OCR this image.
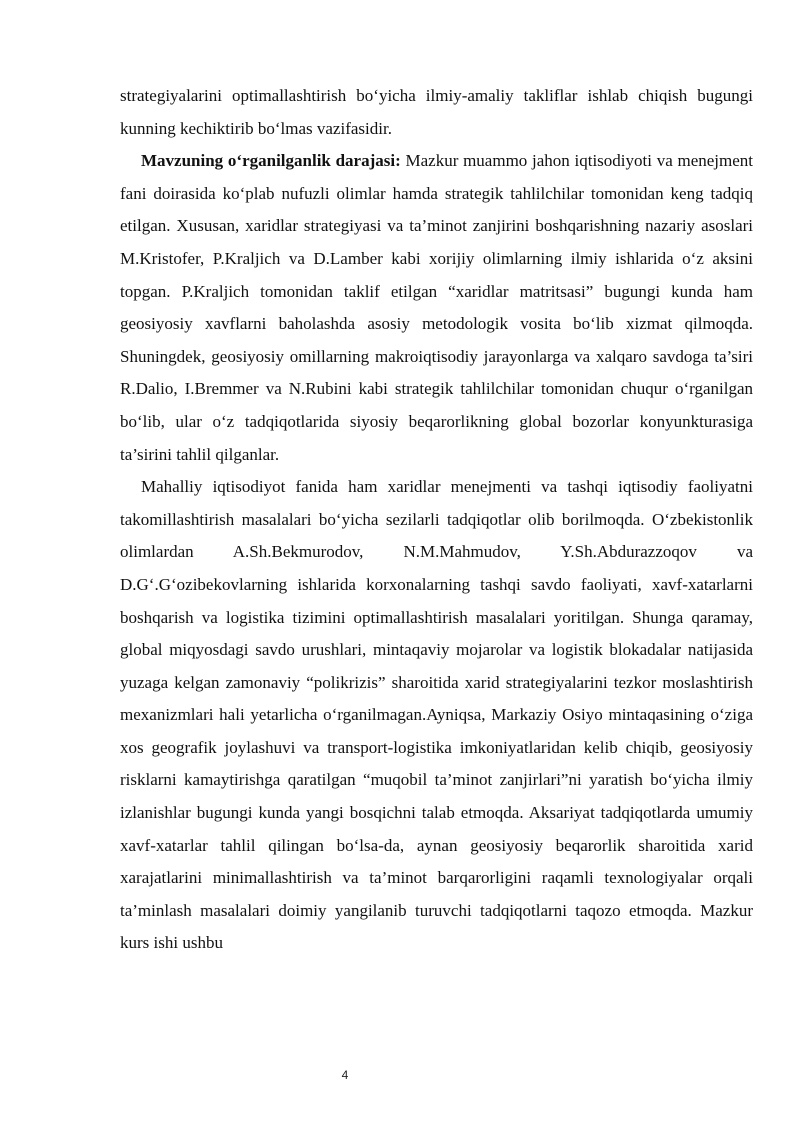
strategiyalarini optimallashtirish bo‘yicha ilmiy-amaliy takliflar ishlab chiqish bugungi kunning kechiktirib bo‘lmas vazifasidir.

Mavzuning o‘rganilganlik darajasi: Mazkur muammo jahon iqtisodiyoti va menejment fani doirasida ko‘plab nufuzli olimlar hamda strategik tahlilchilar tomonidan keng tadqiq etilgan. Xususan, xaridlar strategiyasi va ta’minot zanjirini boshqarishning nazariy asoslari M.Kristofer, P.Kraljich va D.Lamber kabi xorijiy olimlarning ilmiy ishlarida o‘z aksini topgan. P.Kraljich tomonidan taklif etilgan “xaridlar matritsasi” bugungi kunda ham geosiyosiy xavflarni baholashda asosiy metodologik vosita bo‘lib xizmat qilmoqda. Shuningdek, geosiyosiy omillarning makroiqtisodiy jarayonlarga va xalqaro savdoga ta’siri R.Dalio, I.Bremmer va N.Rubini kabi strategik tahlilchilar tomonidan chuqur o‘rganilgan bo‘lib, ular o‘z tadqiqotlarida siyosiy beqarorlikning global bozorlar konyunkturasiga ta’sirini tahlil qilganlar.

Mahalliy iqtisodiyot fanida ham xaridlar menejmenti va tashqi iqtisodiy faoliyatni takomillashtirish masalalari bo‘yicha sezilarli tadqiqotlar olib borilmoqda. O‘zbekistonlik olimlardan A.Sh.Bekmurodov, N.M.Mahmudov, Y.Sh.Abdurazzoqov va D.G‘.G‘ozibekovlarning ishlarida korxonalarning tashqi savdo faoliyati, xavf-xatarlarni boshqarish va logistika tizimini optimallashtirish masalalari yoritilgan. Shunga qaramay, global miqyosdagi savdo urushlari, mintaqaviy mojarolar va logistik blokadalar natijasida yuzaga kelgan zamonaviy “polikrizis” sharoitida xarid strategiyalarini tezkor moslashtirish mexanizmlari hali yetarlicha o‘rganilmagan.Ayniqsa, Markaziy Osiyo mintaqasining o‘ziga xos geografik joylashuvi va transport-logistika imkoniyatlaridan kelib chiqib, geosiyosiy risklarni kamaytirishga qaratilgan “muqobil ta’minot zanjirlari”ni yaratish bo‘yicha ilmiy izlanishlar bugungi kunda yangi bosqichni talab etmoqda. Aksariyat tadqiqotlarda umumiy xavf-xatarlar tahlil qilingan bo‘lsa-da, aynan geosiyosiy beqarorlik sharoitida xarid xarajatlarini minimallashtirish va ta’minot barqarorligini raqamli texnologiyalar orqali ta’minlash masalalari doimiy yangilanib turuvchi tadqiqotlarni taqozo etmoqda. Mazkur kurs ishi ushbu

4
